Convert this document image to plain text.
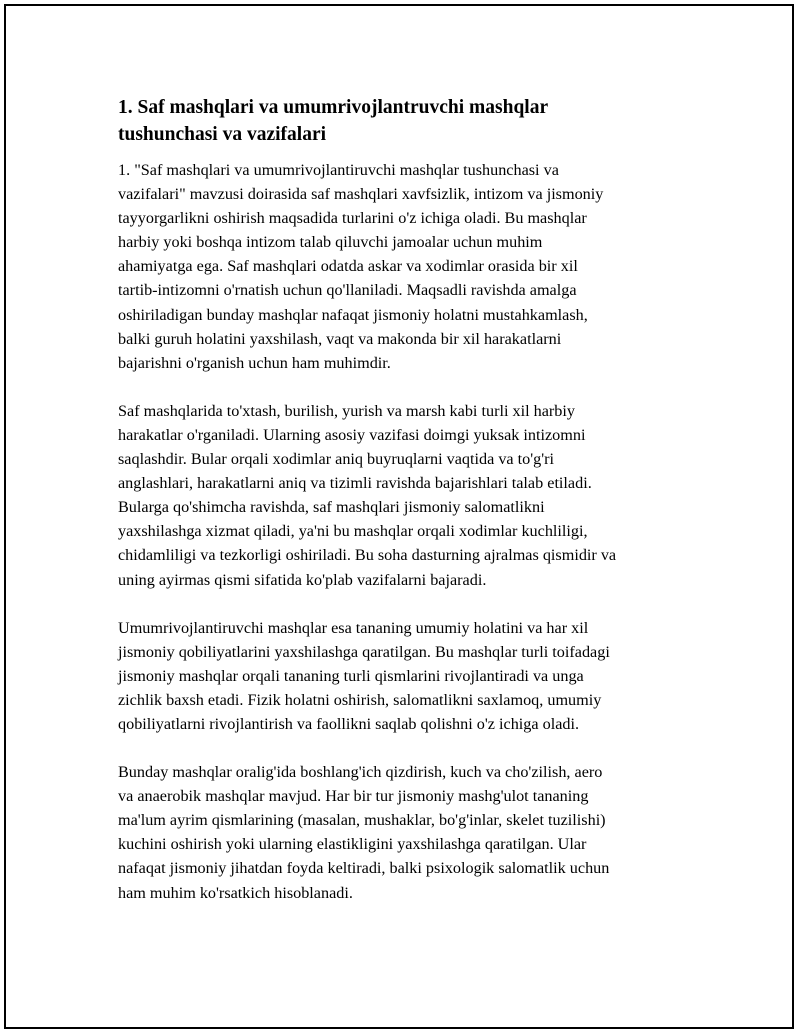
1. Saf mashqlari va umumrivojlantruvchi mashqlar
tushunchasi va vazifalari

1. "Saf mashqlari va umumrivojlantiruvchi mashqlar tushunchasi va
vazifalari" mavzusi doirasida saf mashqlari xavfsizlik, intizom va jismoniy
tayyorgarlikni oshirish maqsadida turlarini o'z ichiga oladi. Bu mashqlar
harbiy yoki boshqa intizom talab qiluvchi jamoalar uchun muhim
ahamiyatga ega. Saf mashqlari odatda askar va xodimlar orasida bir xil
tartib-intizomni o'rnatish uchun qo'llaniladi. Maqsadli ravishda amalga
oshiriladigan bunday mashqlar nafaqat jismoniy holatni mustahkamlash,
balki guruh holatini yaxshilash, vaqt va makonda bir xil harakatlarni
bajarishni o'rganish uchun ham muhimdir.

Saf mashqlarida to'xtash, burilish, yurish va marsh kabi turli xil harbiy
harakatlar o'rganiladi. Ularning asosiy vazifasi doimgi yuksak intizomni
saqlashdir. Bular orqali xodimlar aniq buyruqlarni vaqtida va to'g'ri
anglashlari, harakatlarni aniq va tizimli ravishda bajarishlari talab etiladi.
Bularga qo'shimcha ravishda, saf mashqlari jismoniy salomatlikni
yaxshilashga xizmat qiladi, ya'ni bu mashqlar orqali xodimlar kuchliligi,
chidamliligi va tezkorligi oshiriladi. Bu soha dasturning ajralmas qismidir va
uning ayirmas qismi sifatida ko'plab vazifalarni bajaradi.

Umumrivojlantiruvchi mashqlar esa tananing umumiy holatini va har xil
jismoniy qobiliyatlarini yaxshilashga qaratilgan. Bu mashqlar turli toifadagi
jismoniy mashqlar orqali tananing turli qismlarini rivojlantiradi va unga
zichlik baxsh etadi. Fizik holatni oshirish, salomatlikni saxlamoq, umumiy
qobiliyatlarni rivojlantirish va faollikni saqlab qolishni o'z ichiga oladi.

Bunday mashqlar oralig'ida boshlang'ich qizdirish, kuch va cho'zilish, aero
va anaerobik mashqlar mavjud. Har bir tur jismoniy mashg'ulot tananing
ma'lum ayrim qismlarining (masalan, mushaklar, bo'g'inlar, skelet tuzilishi)
kuchini oshirish yoki ularning elastikligini yaxshilashga qaratilgan. Ular
nafaqat jismoniy jihatdan foyda keltiradi, balki psixologik salomatlik uchun
ham muhim ko'rsatkich hisoblanadi.
